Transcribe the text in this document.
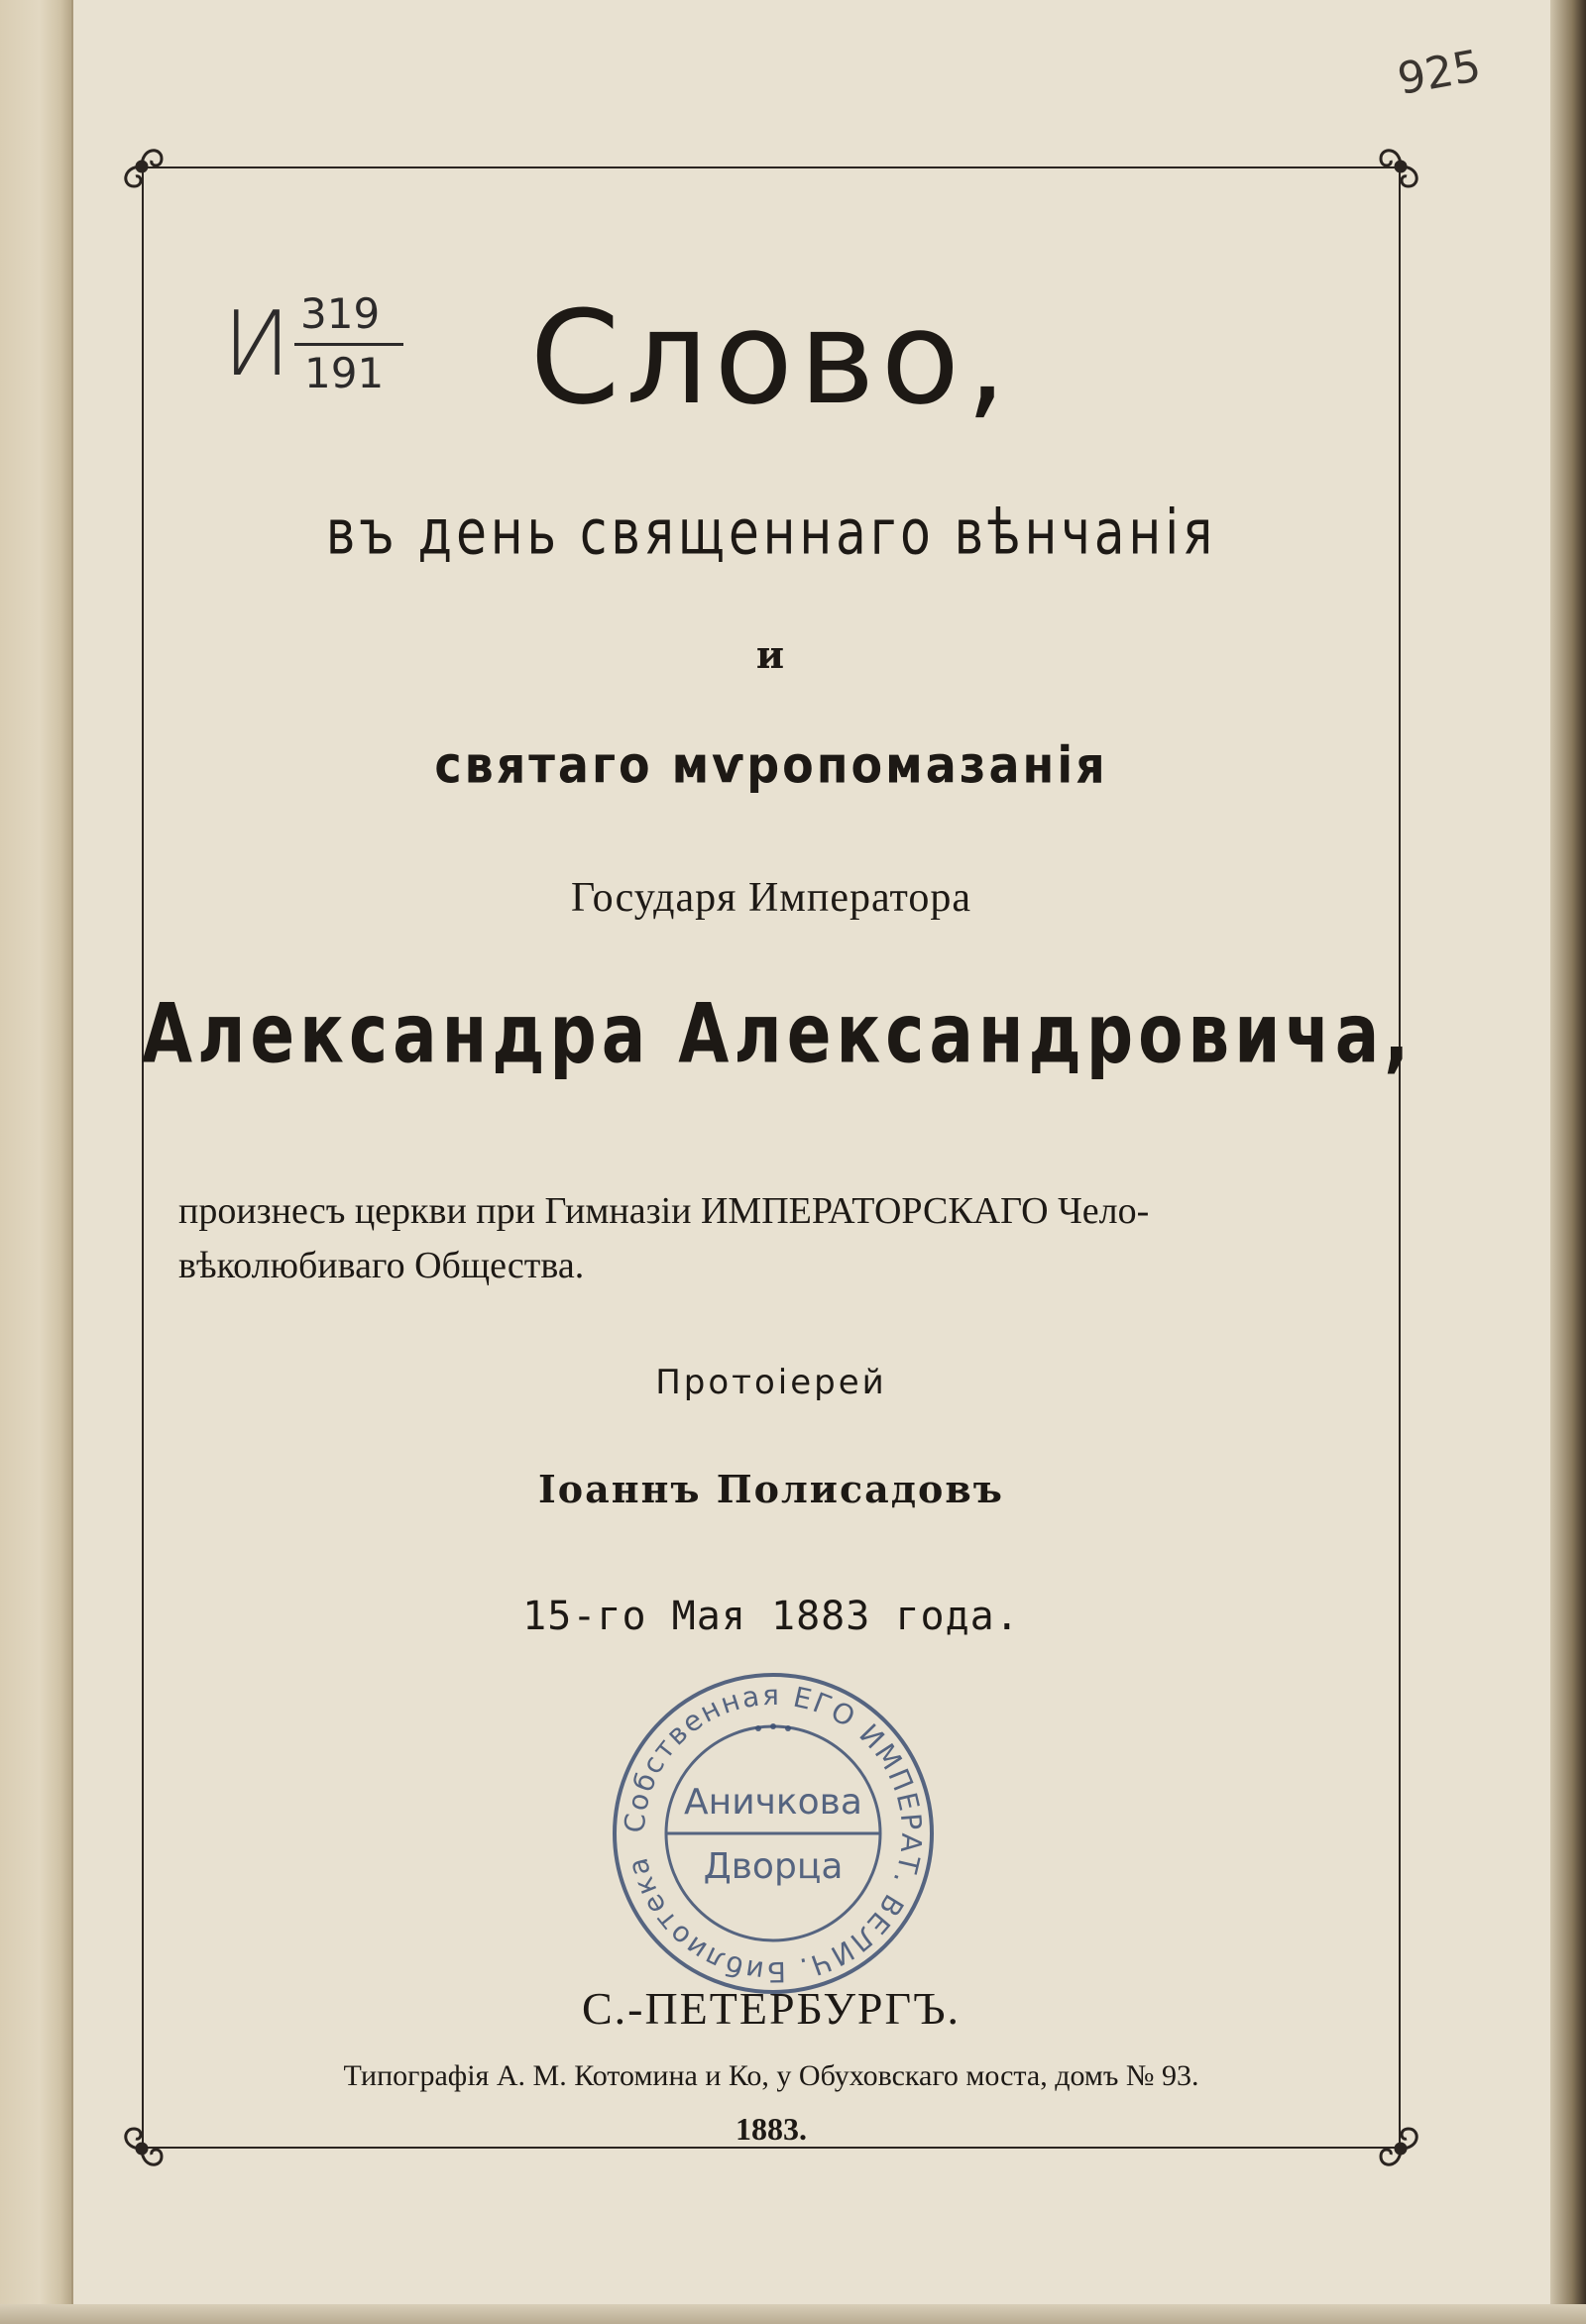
И 319
191
925
Слово,
въ день священнаго вѣнчанія
и
святаго мѵропомазанія
Государя Императора
Александра Александровича,
произнесъ церкви при Гимназіи ИМПЕРАТОРСКАГО Чело-
вѣколюбиваго Общества.
Протоіерей
Іоаннъ Полисадовъ
15-го Мая 1883 года.
Собственная ЕГО ИМПЕРАТ. ВЕЛИЧ. Библиотека
Аничкова
Дворца
С.-ПЕТЕРБУРГЪ.
Типографія А. М. Котомина и Ко, у Обуховскаго моста, домъ № 93.
1883.
